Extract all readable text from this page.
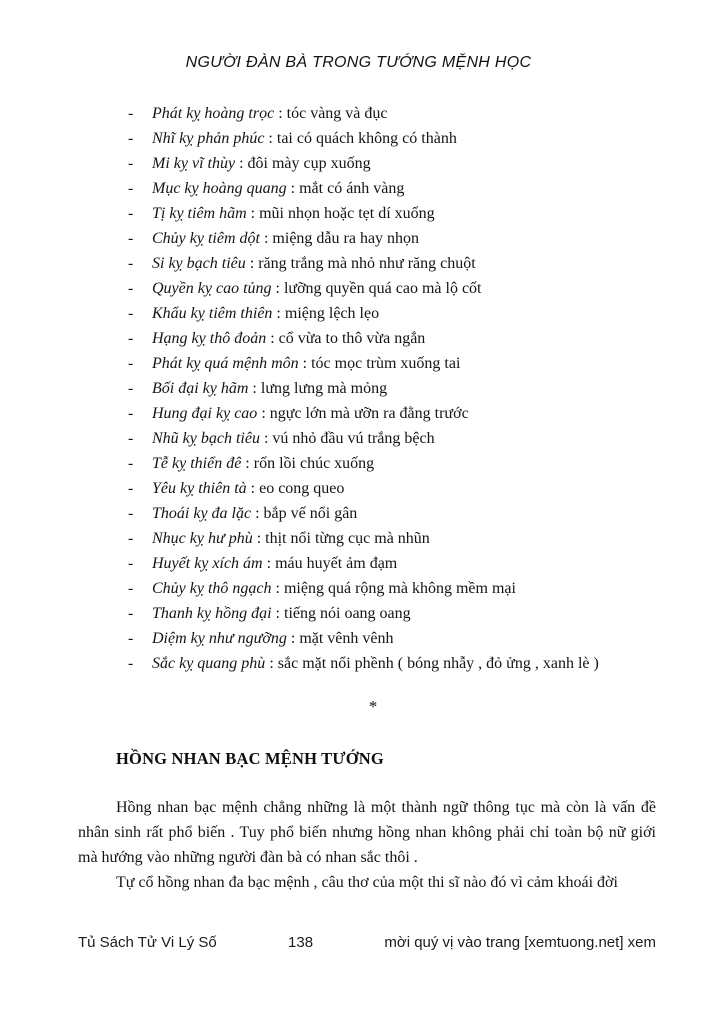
NGƯỜI ĐÀN BÀ TRONG TƯỚNG MỆNH HỌC
- Phát kỵ hoàng trọc : tóc vàng và đục
- Nhĩ kỵ phản phúc : tai có quách không có thành
- Mi kỵ vĩ thùy : đôi mày cụp xuống
- Mục kỵ hoàng quang : mắt có ánh vàng
- Tị kỵ tiêm hãm : mũi nhọn hoặc tẹt dí xuống
- Chủy kỵ tiêm dột : miệng dẫu ra hay nhọn
- Si kỵ bạch tiêu : răng trắng mà nhỏ như răng chuột
- Quyền kỵ cao tủng : lưỡng quyền quá cao mà lộ cốt
- Khẩu kỵ tiêm thiên : miệng lệch lẹo
- Hạng kỵ thô đoản : cổ vừa to thô vừa ngắn
- Phát kỵ quá mệnh môn : tóc mọc trùm xuống tai
- Bối đại kỵ hãm : lưng lưng mà mỏng
- Hung đại kỵ cao : ngực lớn mà ưỡn ra đằng trước
- Nhũ kỵ bạch tiêu : vú nhỏ đầu vú trắng bệch
- Tễ kỵ thiển đê : rốn lồi chúc xuống
- Yêu kỵ thiên tà : eo cong queo
- Thoái kỵ đa lặc : bắp vế nổi gân
- Nhục kỵ hư phù : thịt nổi từng cục mà nhũn
- Huyết kỵ xích ám : máu huyết ảm đạm
- Chủy kỵ thô ngạch : miệng quá rộng mà không mềm mại
- Thanh kỵ hồng đại : tiếng nói oang oang
- Diệm kỵ như ngưỡng : mặt vênh vênh
- Sắc kỵ quang phù : sắc mặt nổi phềnh ( bóng nhẫy , đỏ ửng , xanh lè )
*
HỒNG NHAN BẠC MỆNH TƯỚNG

Hồng nhan bạc mệnh chẳng những là một thành ngữ thông tục mà còn là vấn đề nhân sinh rất phổ biến . Tuy phổ biến nhưng hồng nhan không phải chỉ toàn bộ nữ giới mà hướng vào những người đàn bà có nhan sắc thôi .

Tự cổ hồng nhan đa bạc mệnh , câu thơ của một thi sĩ nào đó vì cảm khoái đời

Tủ Sách Tử Vi Lý Số	138	mời quý vị vào trang [xemtuong.net] xem
